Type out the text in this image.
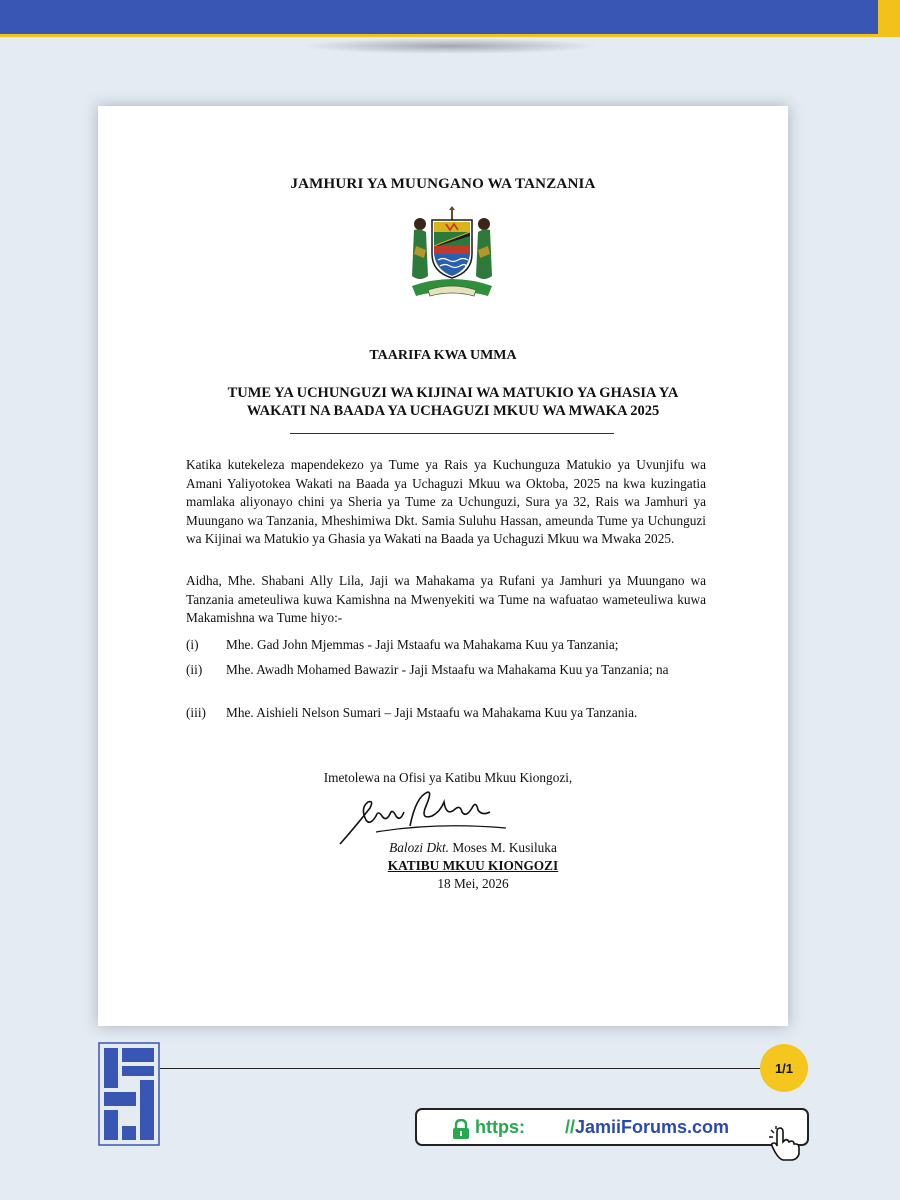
JAMHURI YA MUUNGANO WA TANZANIA
TAARIFA KWA UMMA
TUME YA UCHUNGUZI WA KIJINAI WA MATUKIO YA GHASIA YA WAKATI NA BAADA YA UCHAGUZI MKUU WA MWAKA 2025
Katika kutekeleza mapendekezo ya Tume ya Rais ya Kuchunguza Matukio ya Uvunjifu wa Amani Yaliyotokea Wakati na Baada ya Uchaguzi Mkuu wa Oktoba, 2025 na kwa kuzingatia mamlaka aliyonayo chini ya Sheria ya Tume za Uchunguzi, Sura ya 32, Rais wa Jamhuri ya Muungano wa Tanzania, Mheshimiwa Dkt. Samia Suluhu Hassan, ameunda Tume ya Uchunguzi wa Kijinai wa Matukio ya Ghasia ya Wakati na Baada ya Uchaguzi Mkuu wa Mwaka 2025.
Aidha, Mhe. Shabani Ally Lila, Jaji wa Mahakama ya Rufani ya Jamhuri ya Muungano wa Tanzania ameteuliwa kuwa Kamishna na Mwenyekiti wa Tume na wafuatao wameteuliwa kuwa Makamishna wa Tume hiyo:-
(i)	Mhe. Gad John Mjemmas - Jaji Mstaafu wa Mahakama Kuu ya Tanzania;
(ii)	Mhe. Awadh Mohamed Bawazir - Jaji Mstaafu wa Mahakama Kuu ya Tanzania; na
(iii)	Mhe. Aishieli Nelson Sumari – Jaji Mstaafu wa Mahakama Kuu ya Tanzania.
Imetolewa na Ofisi ya Katibu Mkuu Kiongozi,
Balozi Dkt. Moses M. Kusiluka
KATIBU MKUU KIONGOZI
18 Mei, 2026
1/1
https: //JamiiForums.com
